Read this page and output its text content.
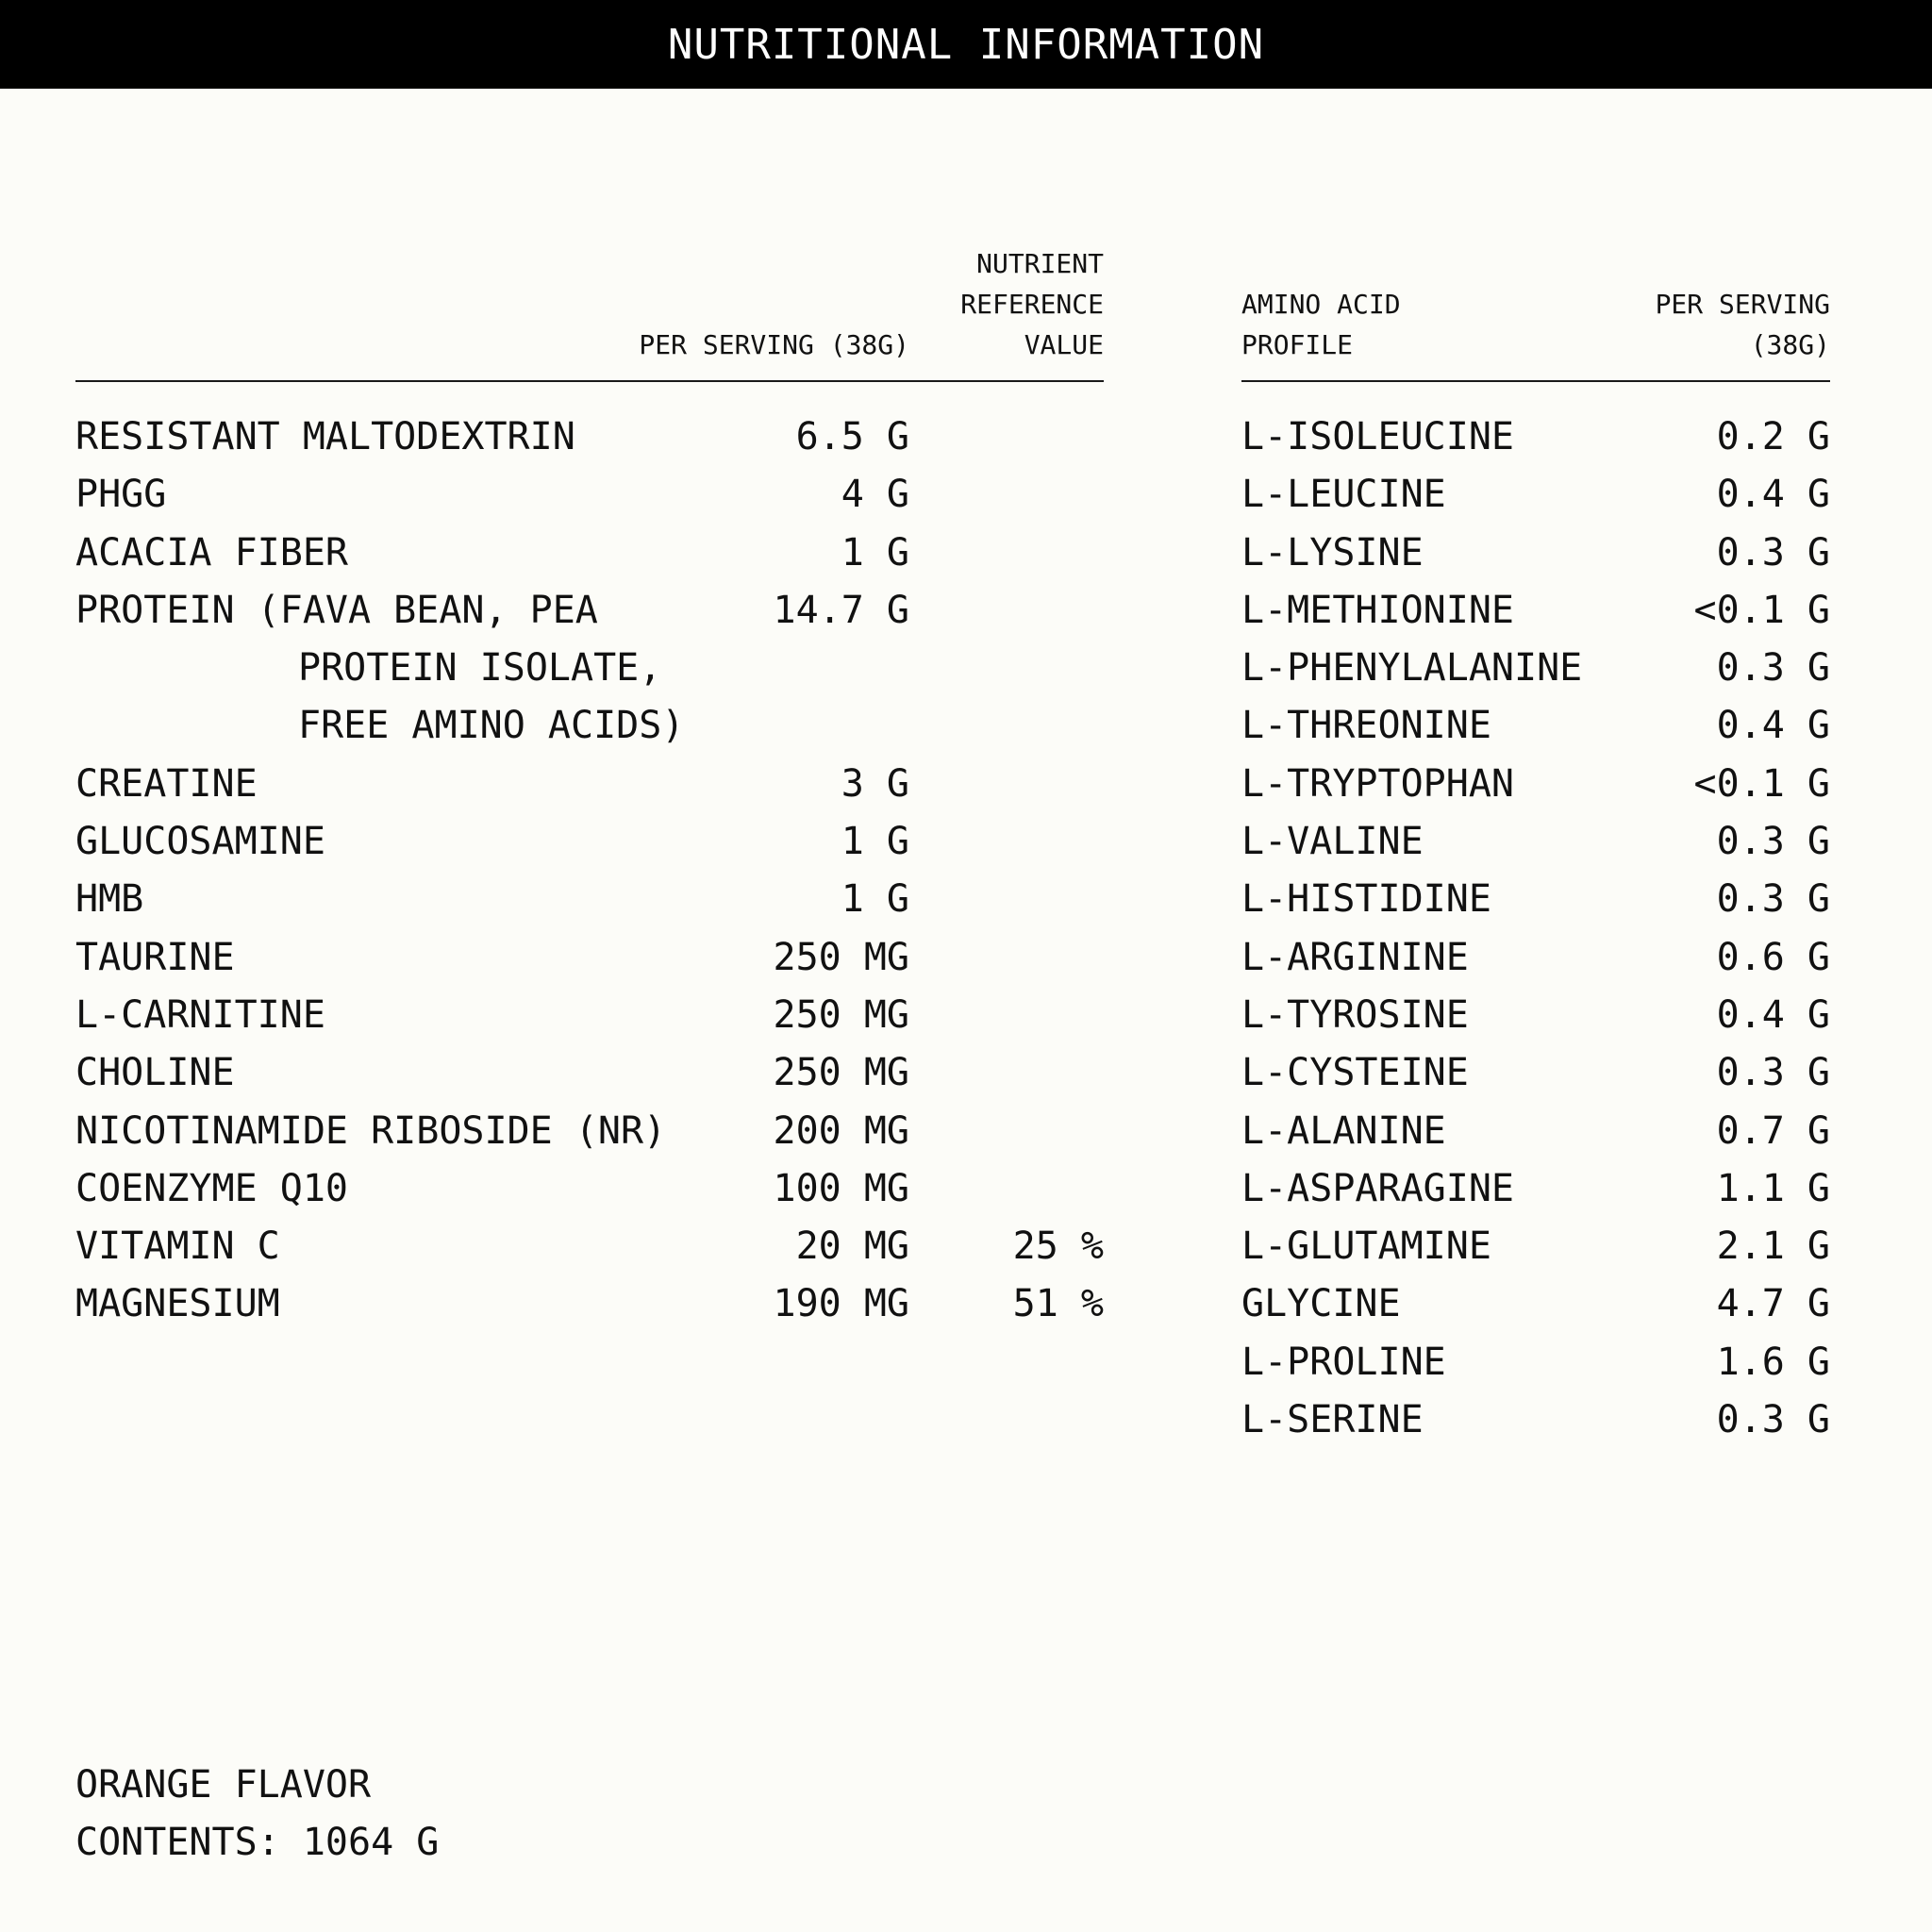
NUTRITIONAL INFORMATION
PER SERVING (38G)
NUTRIENT
REFERENCE
VALUE
RESISTANT MALTODEXTRIN	6.5 G
PHGG	4 G
ACACIA FIBER	1 G
PROTEIN (FAVA BEAN, PEA	14.7 G
PROTEIN ISOLATE,
FREE AMINO ACIDS)
CREATINE	3 G
GLUCOSAMINE	1 G
HMB	1 G
TAURINE	250 MG
L-CARNITINE	250 MG
CHOLINE	250 MG
NICOTINAMIDE RIBOSIDE (NR)	200 MG
COENZYME Q10	100 MG
VITAMIN C	20 MG	25 %
MAGNESIUM	190 MG	51 %
AMINO ACID
PROFILE
PER SERVING
(38G)
L-ISOLEUCINE	0.2 G
L-LEUCINE	0.4 G
L-LYSINE	0.3 G
L-METHIONINE	<0.1 G
L-PHENYLALANINE	0.3 G
L-THREONINE	0.4 G
L-TRYPTOPHAN	<0.1 G
L-VALINE	0.3 G
L-HISTIDINE	0.3 G
L-ARGININE	0.6 G
L-TYROSINE	0.4 G
L-CYSTEINE	0.3 G
L-ALANINE	0.7 G
L-ASPARAGINE	1.1 G
L-GLUTAMINE	2.1 G
GLYCINE	4.7 G
L-PROLINE	1.6 G
L-SERINE	0.3 G
ORANGE FLAVOR
CONTENTS: 1064 G
